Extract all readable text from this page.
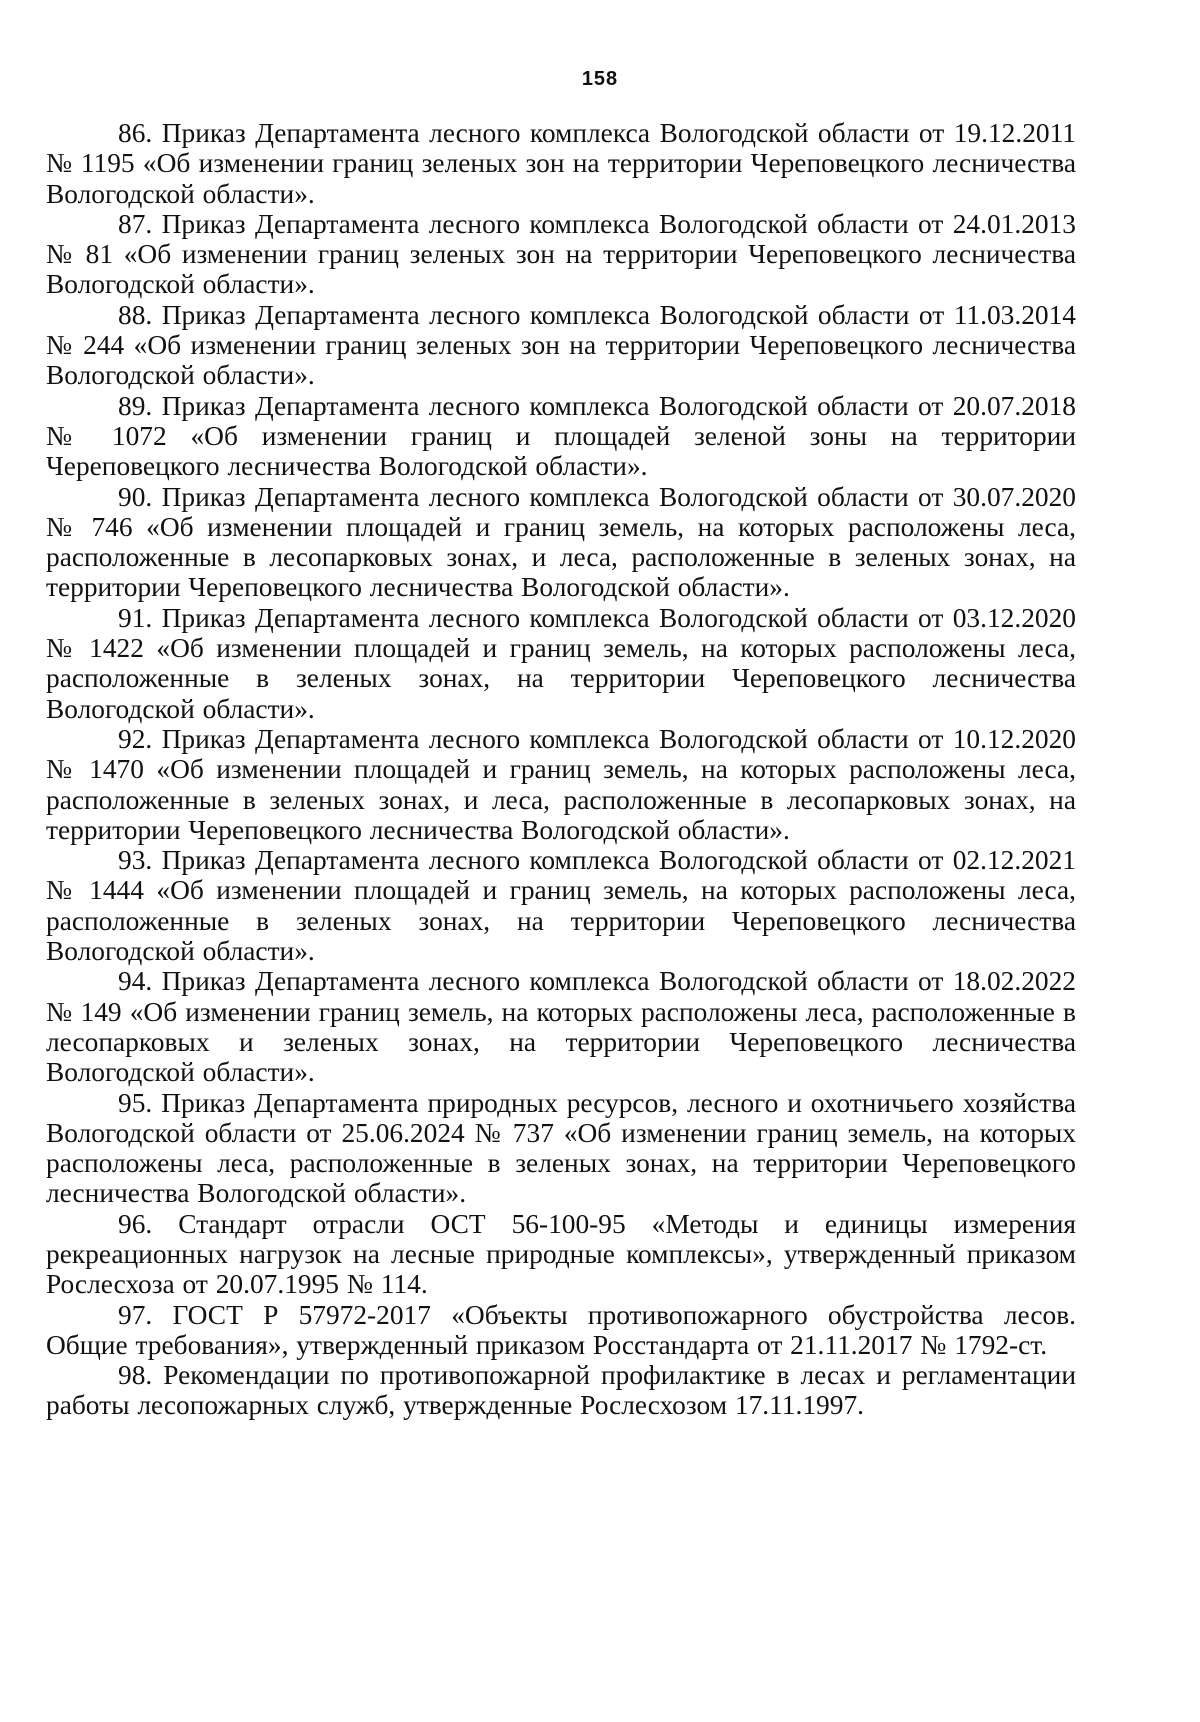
158
86. Приказ Департамента лесного комплекса Вологодской области от 19.12.2011 № 1195 «Об изменении границ зеленых зон на территории Череповецкого лесничества Вологодской области».
87. Приказ Департамента лесного комплекса Вологодской области от 24.01.2013 № 81 «Об изменении границ зеленых зон на территории Череповецкого лесничества Вологодской области».
88. Приказ Департамента лесного комплекса Вологодской области от 11.03.2014 № 244 «Об изменении границ зеленых зон на территории Череповецкого лесничества Вологодской области».
89. Приказ Департамента лесного комплекса Вологодской области от 20.07.2018 № 1072 «Об изменении границ и площадей зеленой зоны на территории Череповецкого лесничества Вологодской области».
90. Приказ Департамента лесного комплекса Вологодской области от 30.07.2020 № 746 «Об изменении площадей и границ земель, на которых расположены леса, расположенные в лесопарковых зонах, и леса, расположенные в зеленых зонах, на территории Череповецкого лесничества Вологодской области».
91. Приказ Департамента лесного комплекса Вологодской области от 03.12.2020 № 1422 «Об изменении площадей и границ земель, на которых расположены леса, расположенные в зеленых зонах, на территории Череповецкого лесничества Вологодской области».
92. Приказ Департамента лесного комплекса Вологодской области от 10.12.2020 № 1470 «Об изменении площадей и границ земель, на которых расположены леса, расположенные в зеленых зонах, и леса, расположенные в лесопарковых зонах, на территории Череповецкого лесничества Вологодской области».
93. Приказ Департамента лесного комплекса Вологодской области от 02.12.2021 № 1444 «Об изменении площадей и границ земель, на которых расположены леса, расположенные в зеленых зонах, на территории Череповецкого лесничества Вологодской области».
94. Приказ Департамента лесного комплекса Вологодской области от 18.02.2022 № 149 «Об изменении границ земель, на которых расположены леса, расположенные в лесопарковых и зеленых зонах, на территории Череповецкого лесничества Вологодской области».
95. Приказ Департамента природных ресурсов, лесного и охотничьего хозяйства Вологодской области от 25.06.2024 № 737 «Об изменении границ земель, на которых расположены леса, расположенные в зеленых зонах, на территории Череповецкого лесничества Вологодской области».
96. Стандарт отрасли ОСТ 56-100-95 «Методы и единицы измерения рекреационных нагрузок на лесные природные комплексы», утвержденный приказом Рослесхоза от 20.07.1995 № 114.
97. ГОСТ Р 57972-2017 «Объекты противопожарного обустройства лесов. Общие требования», утвержденный приказом Росстандарта от 21.11.2017 № 1792-ст.
98. Рекомендации по противопожарной профилактике в лесах и регламентации работы лесопожарных служб, утвержденные Рослесхозом 17.11.1997.
